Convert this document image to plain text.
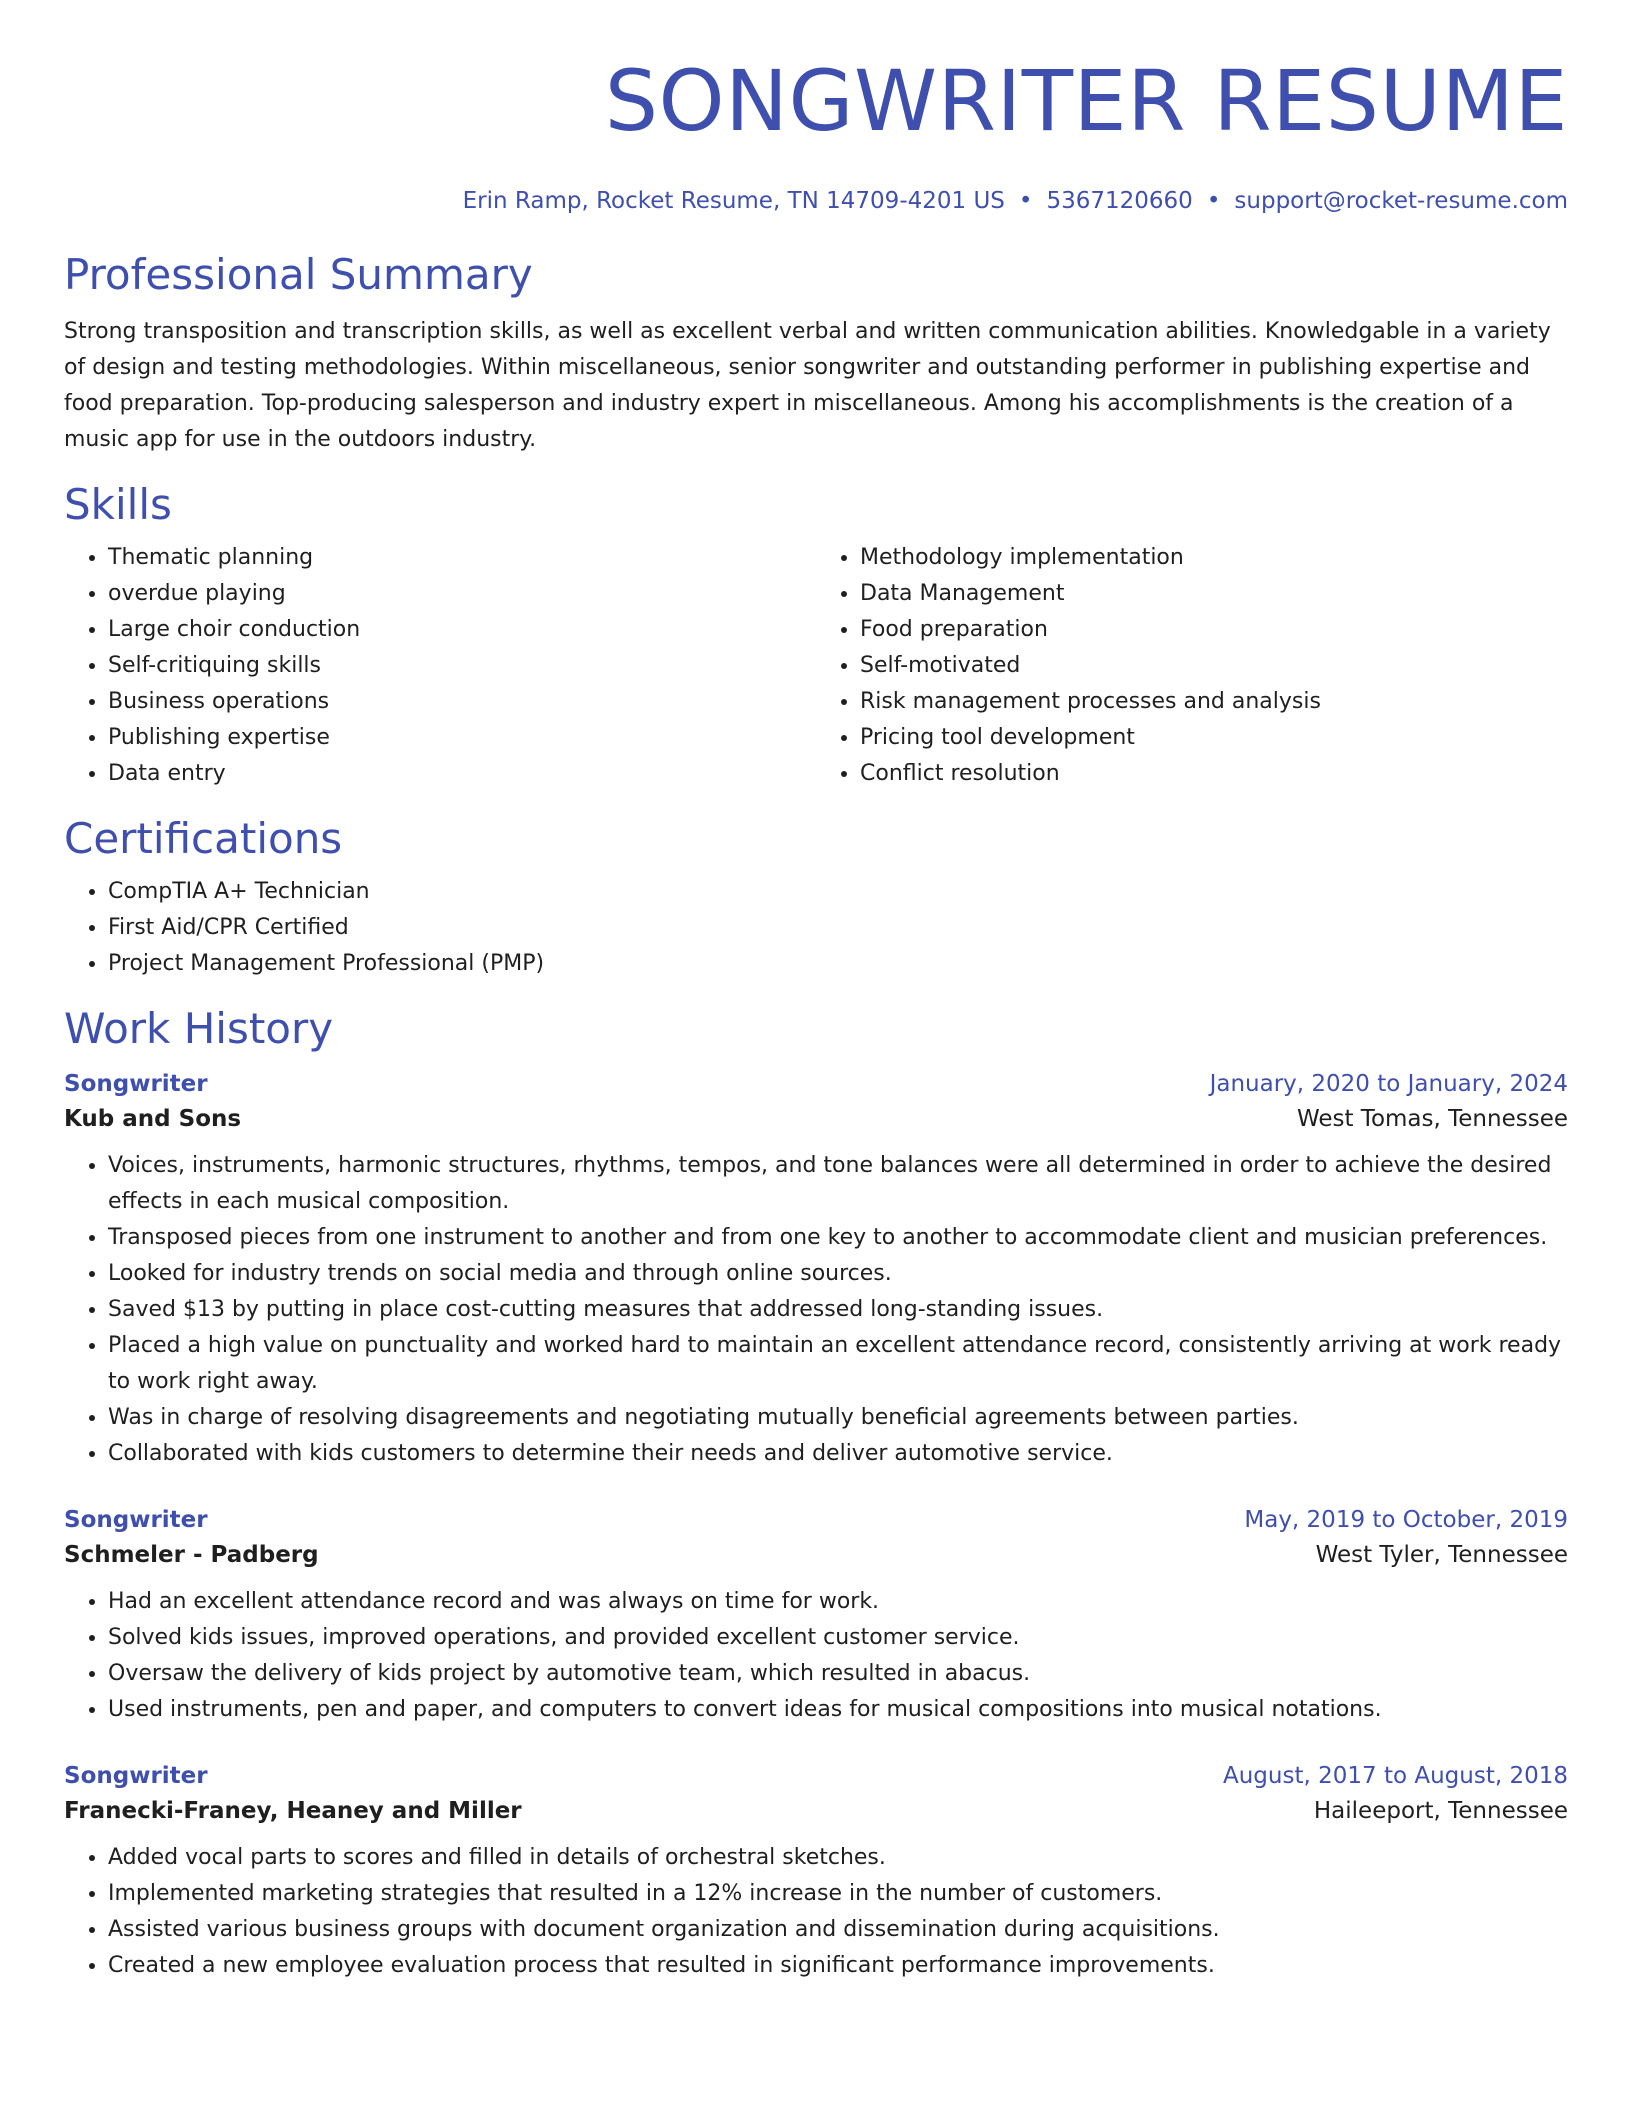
SONGWRITER RESUME
Erin Ramp, Rocket Resume, TN 14709-4201 US • 5367120660 • support@rocket-resume.com
Professional Summary

Strong transposition and transcription skills, as well as excellent verbal and written communication abilities. Knowledgable in a variety of design and testing methodologies. Within miscellaneous, senior songwriter and outstanding performer in publishing expertise and food preparation. Top-producing salesperson and industry expert in miscellaneous. Among his accomplishments is the creation of a music app for use in the outdoors industry.

Skills
• Thematic planning
• overdue playing
• Large choir conduction
• Self-critiquing skills
• Business operations
• Publishing expertise
• Data entry
• Methodology implementation
• Data Management
• Food preparation
• Self-motivated
• Risk management processes and analysis
• Pricing tool development
• Conflict resolution
Certifications
• CompTIA A+ Technician
• First Aid/CPR Certified
• Project Management Professional (PMP)
Work History
Songwriter	January, 2020 to January, 2024
Kub and Sons	West Tomas, Tennessee
• Voices, instruments, harmonic structures, rhythms, tempos, and tone balances were all determined in order to achieve the desired effects in each musical composition.
• Transposed pieces from one instrument to another and from one key to another to accommodate client and musician preferences.
• Looked for industry trends on social media and through online sources.
• Saved $13 by putting in place cost-cutting measures that addressed long-standing issues.
• Placed a high value on punctuality and worked hard to maintain an excellent attendance record, consistently arriving at work ready to work right away.
• Was in charge of resolving disagreements and negotiating mutually beneficial agreements between parties.
• Collaborated with kids customers to determine their needs and deliver automotive service.
Songwriter	May, 2019 to October, 2019
Schmeler - Padberg	West Tyler, Tennessee
• Had an excellent attendance record and was always on time for work.
• Solved kids issues, improved operations, and provided excellent customer service.
• Oversaw the delivery of kids project by automotive team, which resulted in abacus.
• Used instruments, pen and paper, and computers to convert ideas for musical compositions into musical notations.
Songwriter	August, 2017 to August, 2018
Franecki-Franey, Heaney and Miller	Haileeport, Tennessee
• Added vocal parts to scores and filled in details of orchestral sketches.
• Implemented marketing strategies that resulted in a 12% increase in the number of customers.
• Assisted various business groups with document organization and dissemination during acquisitions.
• Created a new employee evaluation process that resulted in significant performance improvements.
